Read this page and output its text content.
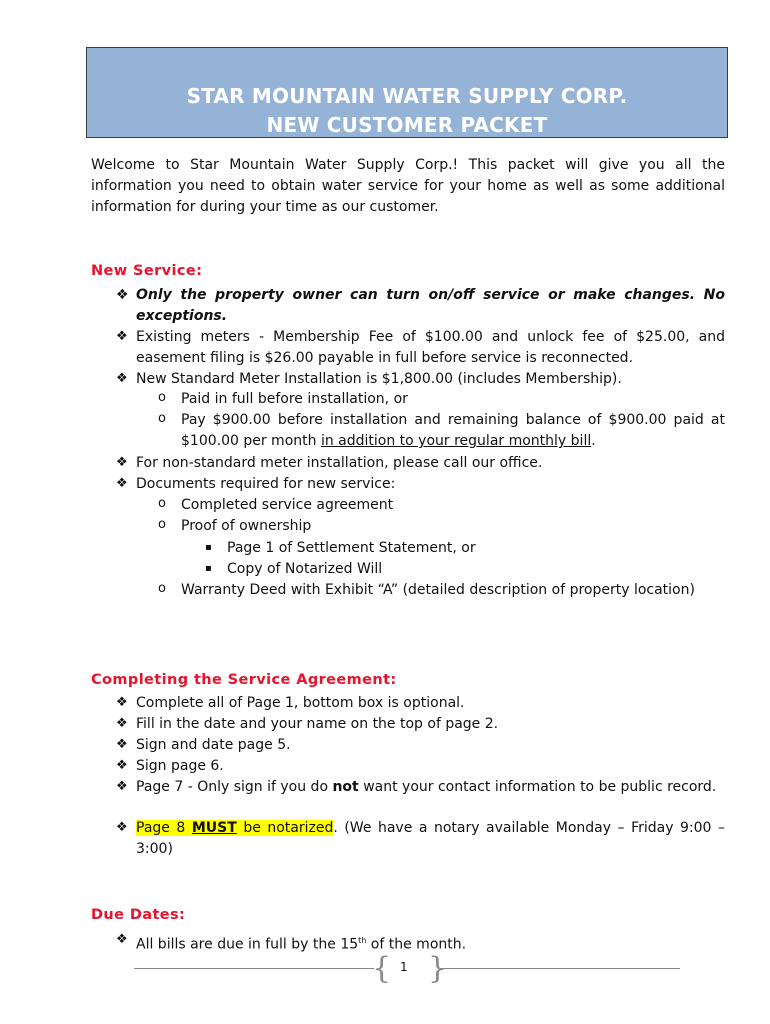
STAR MOUNTAIN WATER SUPPLY CORP.
NEW CUSTOMER PACKET
Welcome to Star Mountain Water Supply Corp.! This packet will give you all the information you need to obtain water service for your home as well as some additional information for during your time as our customer.
New Service:
❖ Only the property owner can turn on/off service or make changes. No exceptions.
❖ Existing meters - Membership Fee of $100.00 and unlock fee of $25.00, and easement filing is $26.00 payable in full before service is reconnected.
❖ New Standard Meter Installation is $1,800.00 (includes Membership).
o Paid in full before installation, or
o Pay $900.00 before installation and remaining balance of $900.00 paid at $100.00 per month in addition to your regular monthly bill.
❖ For non-standard meter installation, please call our office.
❖ Documents required for new service:
o Completed service agreement
o Proof of ownership
▪ Page 1 of Settlement Statement, or
▪ Copy of Notarized Will
o Warranty Deed with Exhibit “A” (detailed description of property location)
Completing the Service Agreement:
❖ Complete all of Page 1, bottom box is optional.
❖ Fill in the date and your name on the top of page 2.
❖ Sign and date page 5.
❖ Sign page 6.
❖ Page 7 - Only sign if you do not want your contact information to be public record.
❖ Page 8 MUST be notarized. (We have a notary available Monday – Friday 9:00 – 3:00)
Due Dates:
❖ All bills are due in full by the 15th of the month.
{ }
1
